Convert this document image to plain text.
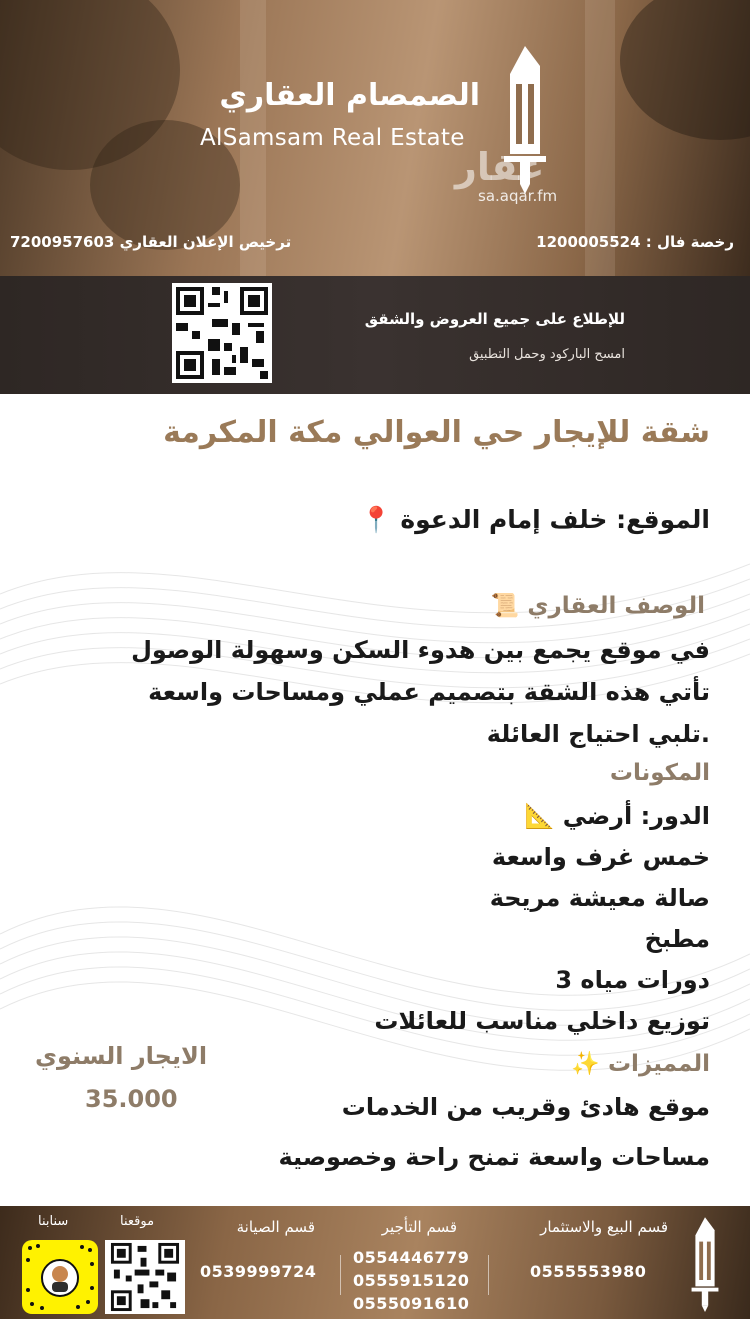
الصمصام العقاري
AlSamsam Real Estate
عقار
sa.aqar.fm
رخصة فال : 1200005524
ترخيص الإعلان العقاري 7200957603
للإطلاع على جميع العروض والشقق
امسح الباركود وحمل التطبيق
شقة للإيجار حي العوالي مكة المكرمة
الموقع: خلف إمام الدعوة 📍
الوصف العقاري 📜
في موقع يجمع بين هدوء السكن وسهولة الوصول
تأتي هذه الشقة بتصميم عملي ومساحات واسعة
.تلبي احتياج العائلة
المكونات
الدور: أرضي 📐
خمس غرف واسعة
صالة معيشة مريحة
مطبخ
دورات مياه 3
توزيع داخلي مناسب للعائلات
المميزات ✨
موقع هادئ وقريب من الخدمات
مساحات واسعة تمنح راحة وخصوصية
الايجار السنوي
35.000
قسم البيع والاستثمار
0555553980
قسم التأجير
0554446779
0555915120
0555091610
قسم الصيانة
0539999724
موقعنا
سنابنا
